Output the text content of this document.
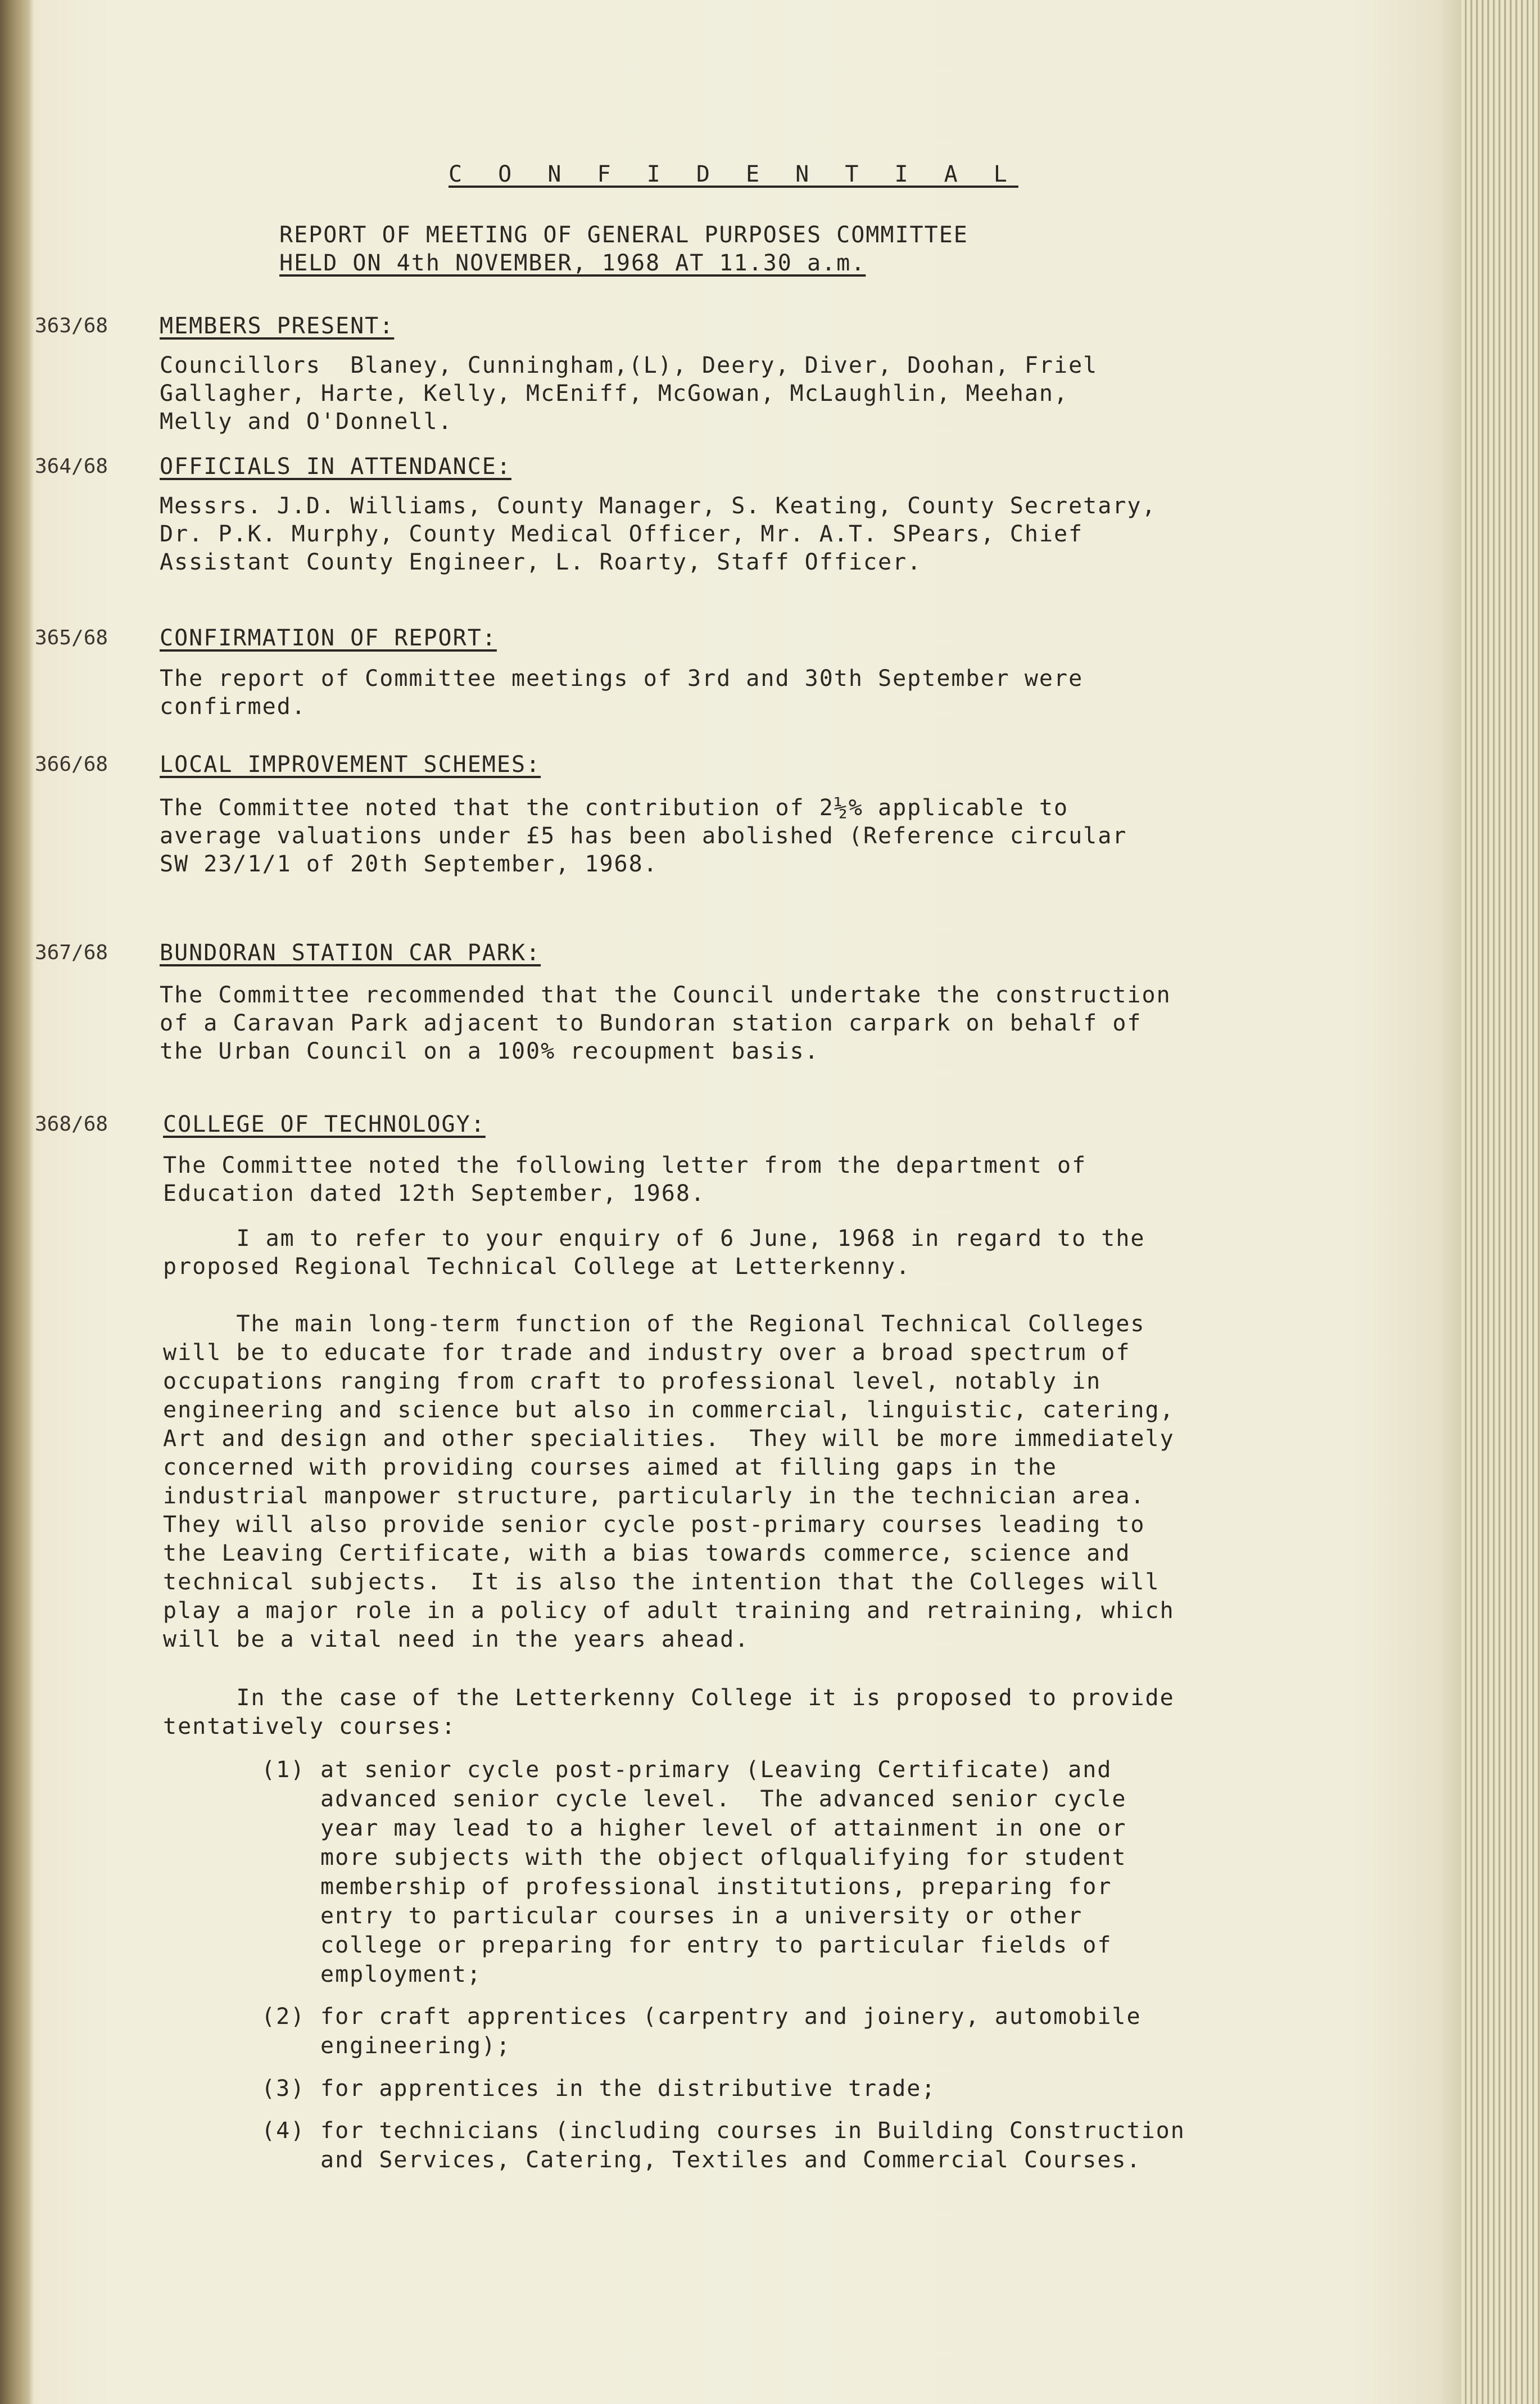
C O N F I D E N T I A L
REPORT OF MEETING OF GENERAL PURPOSES COMMITTEE
HELD ON 4th NOVEMBER, 1968 AT 11.30 a.m.
363/68 MEMBERS PRESENT:
Councillors  Blaney, Cunningham,(L), Deery, Diver, Doohan, Friel
Gallagher, Harte, Kelly, McEniff, McGowan, McLaughlin, Meehan,
Melly and O'Donnell.
364/68 OFFICIALS IN ATTENDANCE:
Messrs. J.D. Williams, County Manager, S. Keating, County Secretary,
Dr. P.K. Murphy, County Medical Officer, Mr. A.T. SPears, Chief
Assistant County Engineer, L. Roarty, Staff Officer.
365/68 CONFIRMATION OF REPORT:
The report of Committee meetings of 3rd and 30th September were
confirmed.
366/68 LOCAL IMPROVEMENT SCHEMES:
The Committee noted that the contribution of 2½% applicable to
average valuations under £5 has been abolished (Reference circular
SW 23/1/1 of 20th September, 1968.
367/68 BUNDORAN STATION CAR PARK:
The Committee recommended that the Council undertake the construction
of a Caravan Park adjacent to Bundoran station carpark on behalf of
the Urban Council on a 100% recoupment basis.
368/68 COLLEGE OF TECHNOLOGY:
The Committee noted the following letter from the department of
Education dated 12th September, 1968.
I am to refer to your enquiry of 6 June, 1968 in regard to the
proposed Regional Technical College at Letterkenny.
The main long-term function of the Regional Technical Colleges
will be to educate for trade and industry over a broad spectrum of
occupations ranging from craft to professional level, notably in
engineering and science but also in commercial, linguistic, catering,
Art and design and other specialities.  They will be more immediately
concerned with providing courses aimed at filling gaps in the
industrial manpower structure, particularly in the technician area.
They will also provide senior cycle post-primary courses leading to
the Leaving Certificate, with a bias towards commerce, science and
technical subjects.  It is also the intention that the Colleges will
play a major role in a policy of adult training and retraining, which
will be a vital need in the years ahead.
In the case of the Letterkenny College it is proposed to provide
tentatively courses:
(1) at senior cycle post-primary (Leaving Certificate) and
advanced senior cycle level.  The advanced senior cycle
year may lead to a higher level of attainment in one or
more subjects with the object oflqualifying for student
membership of professional institutions, preparing for
entry to particular courses in a university or other
college or preparing for entry to particular fields of
employment;
(2) for craft apprentices (carpentry and joinery, automobile
engineering);
(3) for apprentices in the distributive trade;
(4) for technicians (including courses in Building Construction
and Services, Catering, Textiles and Commercial Courses.
